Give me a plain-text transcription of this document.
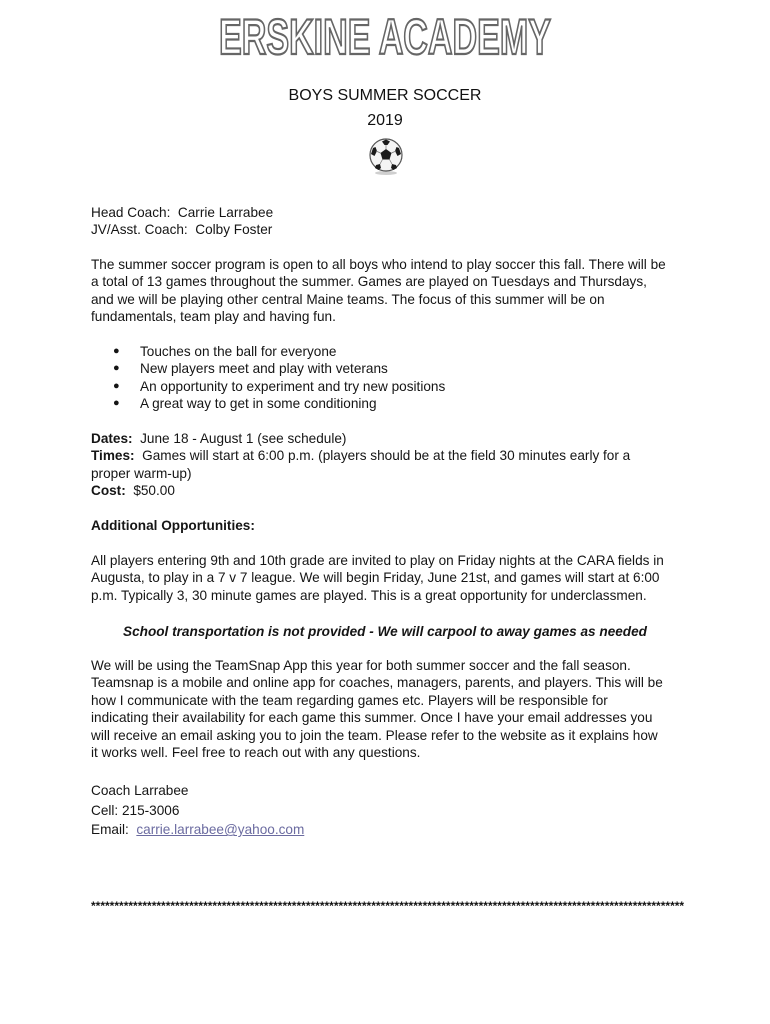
ERSKINE ACADEMY
BOYS SUMMER SOCCER
2019

Head Coach: Carrie Larrabee

JV/Asst. Coach: Colby Foster

The summer soccer program is open to all boys who intend to play soccer this fall. There will be

a total of 13 games throughout the summer. Games are played on Tuesdays and Thursdays,

and we will be playing other central Maine teams. The focus of this summer will be on

fundamentals, team play and having fun.

● Touches on the ball for everyone
● New players meet and play with veterans
● An opportunity to experiment and try new positions
● A great way to get in some conditioning

Dates: June 18 - August 1 (see schedule)

Times: Games will start at 6:00 p.m. (players should be at the field 30 minutes early for a

proper warm-up)

Cost: $50.00

Additional Opportunities:

All players entering 9th and 10th grade are invited to play on Friday nights at the CARA fields in

Augusta, to play in a 7 v 7 league. We will begin Friday, June 21st, and games will start at 6:00

p.m. Typically 3, 30 minute games are played. This is a great opportunity for underclassmen.

School transportation is not provided - We will carpool to away games as needed

We will be using the TeamSnap App this year for both summer soccer and the fall season.

Teamsnap is a mobile and online app for coaches, managers, parents, and players. This will be

how I communicate with the team regarding games etc. Players will be responsible for

indicating their availability for each game this summer. Once I have your email addresses you

will receive an email asking you to join the team. Please refer to the website as it explains how

it works well. Feel free to reach out with any questions.

Coach Larrabee

Cell: 215-3006

Email: carrie.larrabee@yahoo.com

*******************************************************************************************************************************
